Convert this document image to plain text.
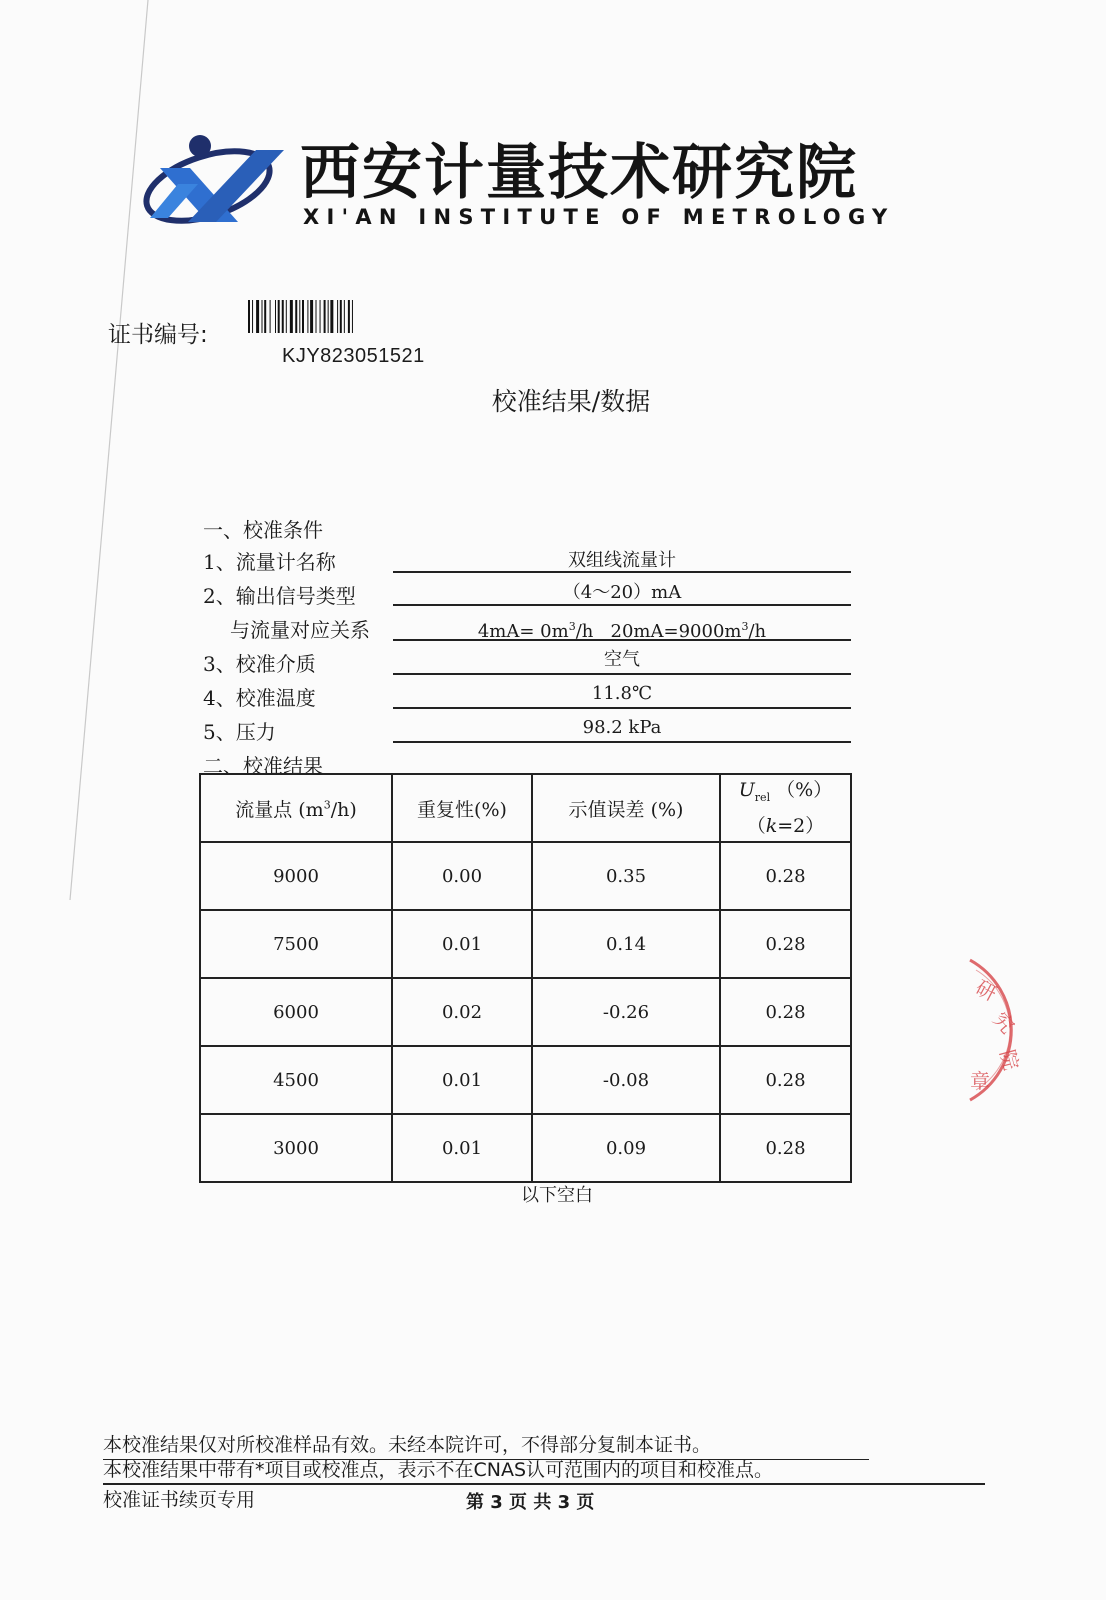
西安计量技术研究院
XI'AN INSTITUTE OF METROLOGY
证书编号:
KJY823051521
校准结果/数据
一、校准条件
1、流量计名称	双组线流量计
2、输出信号类型	（4～20）mA
与流量对应关系	$4mA= 0m^3/h$ $20mA=9000m^3/h$
3、校准介质	空气
4、校准温度	11.8℃
5、压力	98.2 kPa
二、校准结果
流量点 $(m^3/h)$	重复性(%)	示值误差 (%)	$U_{rel}$ （%）
（k=2）

9000	0.00	0.35	0.28
7500	0.01	0.14	0.28
6000	0.02	-0.26	0.28
4500	0.01	-0.08	0.28
3000	0.01	0.09	0.28
以下空白
研
究
院
章
本校准结果仅对所校准样品有效。未经本院许可，不得部分复制本证书。
本校准结果中带有*项目或校准点，表示不在CNAS认可范围内的项目和校准点。
校准证书续页专用	第 3 页 共 3 页
